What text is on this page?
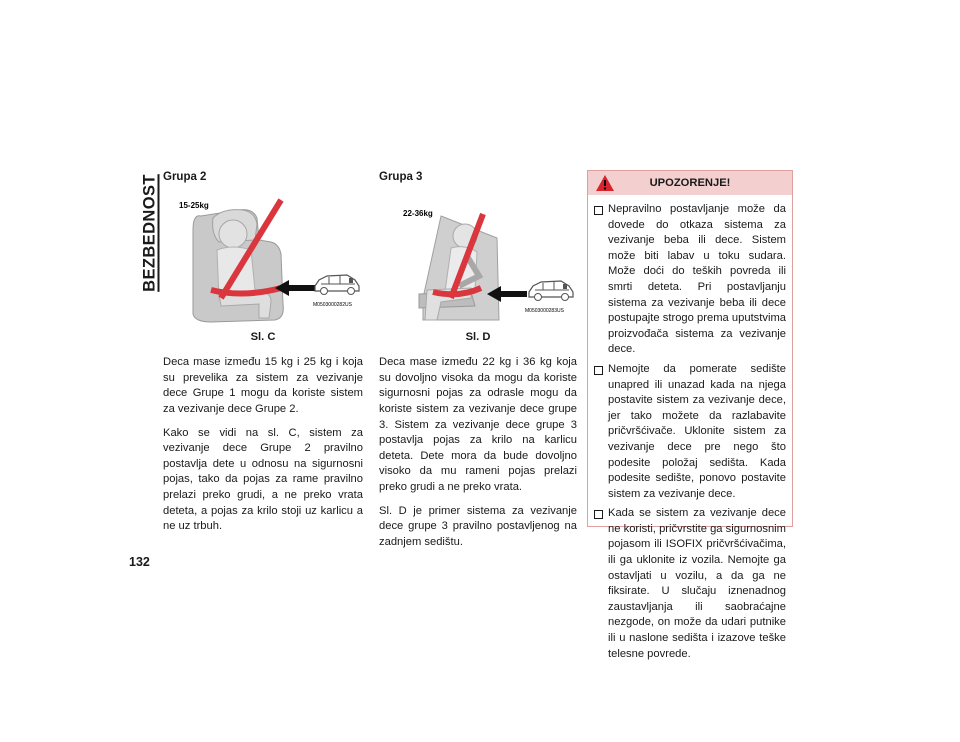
BEZBEDNOST
132
Grupa 2
15-25kg
M0503000282US
Sl. C

Deca mase između 15 kg i 25 kg i koja su prevelika za sistem za vezivanje dece Grupe 1 mogu da koriste sistem za vezivanje dece Grupe 2.

Kako se vidi na sl. C, sistem za vezivanje dece Grupe 2 pravilno postavlja dete u odnosu na sigurnosni pojas, tako da pojas za rame pravilno prelazi preko grudi, a ne preko vrata deteta, a pojas za krilo stoji uz karlicu a ne uz trbuh.

Grupa 3
22-36kg
M0503000283US
Sl. D

Deca mase između 22 kg i 36 kg koja su dovoljno visoka da mogu da koriste sigurnosni pojas za odrasle mogu da koriste sistem za vezivanje dece grupe 3. Sistem za vezivanje dece grupe 3 postavlja pojas za krilo na karlicu deteta. Dete mora da bude dovoljno visoko da mu rameni pojas prelazi preko grudi a ne preko vrata.

Sl. D je primer sistema za vezivanje dece grupe 3 pravilno postavljenog na zadnjem sedištu.

UPOZORENJE!
Nepravilno postavljanje može da dovede do otkaza sistema za vezivanje beba ili dece. Sistem može biti labav u toku sudara. Može doći do teških povreda ili smrti deteta. Pri postavljanju sistema za vezivanje beba ili dece postupajte strogo prema uputstvima proizvođača sistema za vezivanje dece.
Nemojte da pomerate sedište unapred ili unazad kada na njega postavite sistem za vezivanje dece, jer tako možete da razlabavite pričvršćivače. Uklonite sistem za vezivanje dece pre nego što podesite položaj sedišta. Kada podesite sedište, ponovo postavite sistem za vezivanje dece.
Kada se sistem za vezivanje dece ne koristi, pričvrstite ga sigurnosnim pojasom ili ISOFIX pričvršćivačima, ili ga uklonite iz vozila. Nemojte ga ostavljati u vozilu, a da ga ne fiksirate. U slučaju iznenadnog zaustavljanja ili saobraćajne nezgode, on može da udari putnike ili u naslone sedišta i izazove teške telesne povrede.
